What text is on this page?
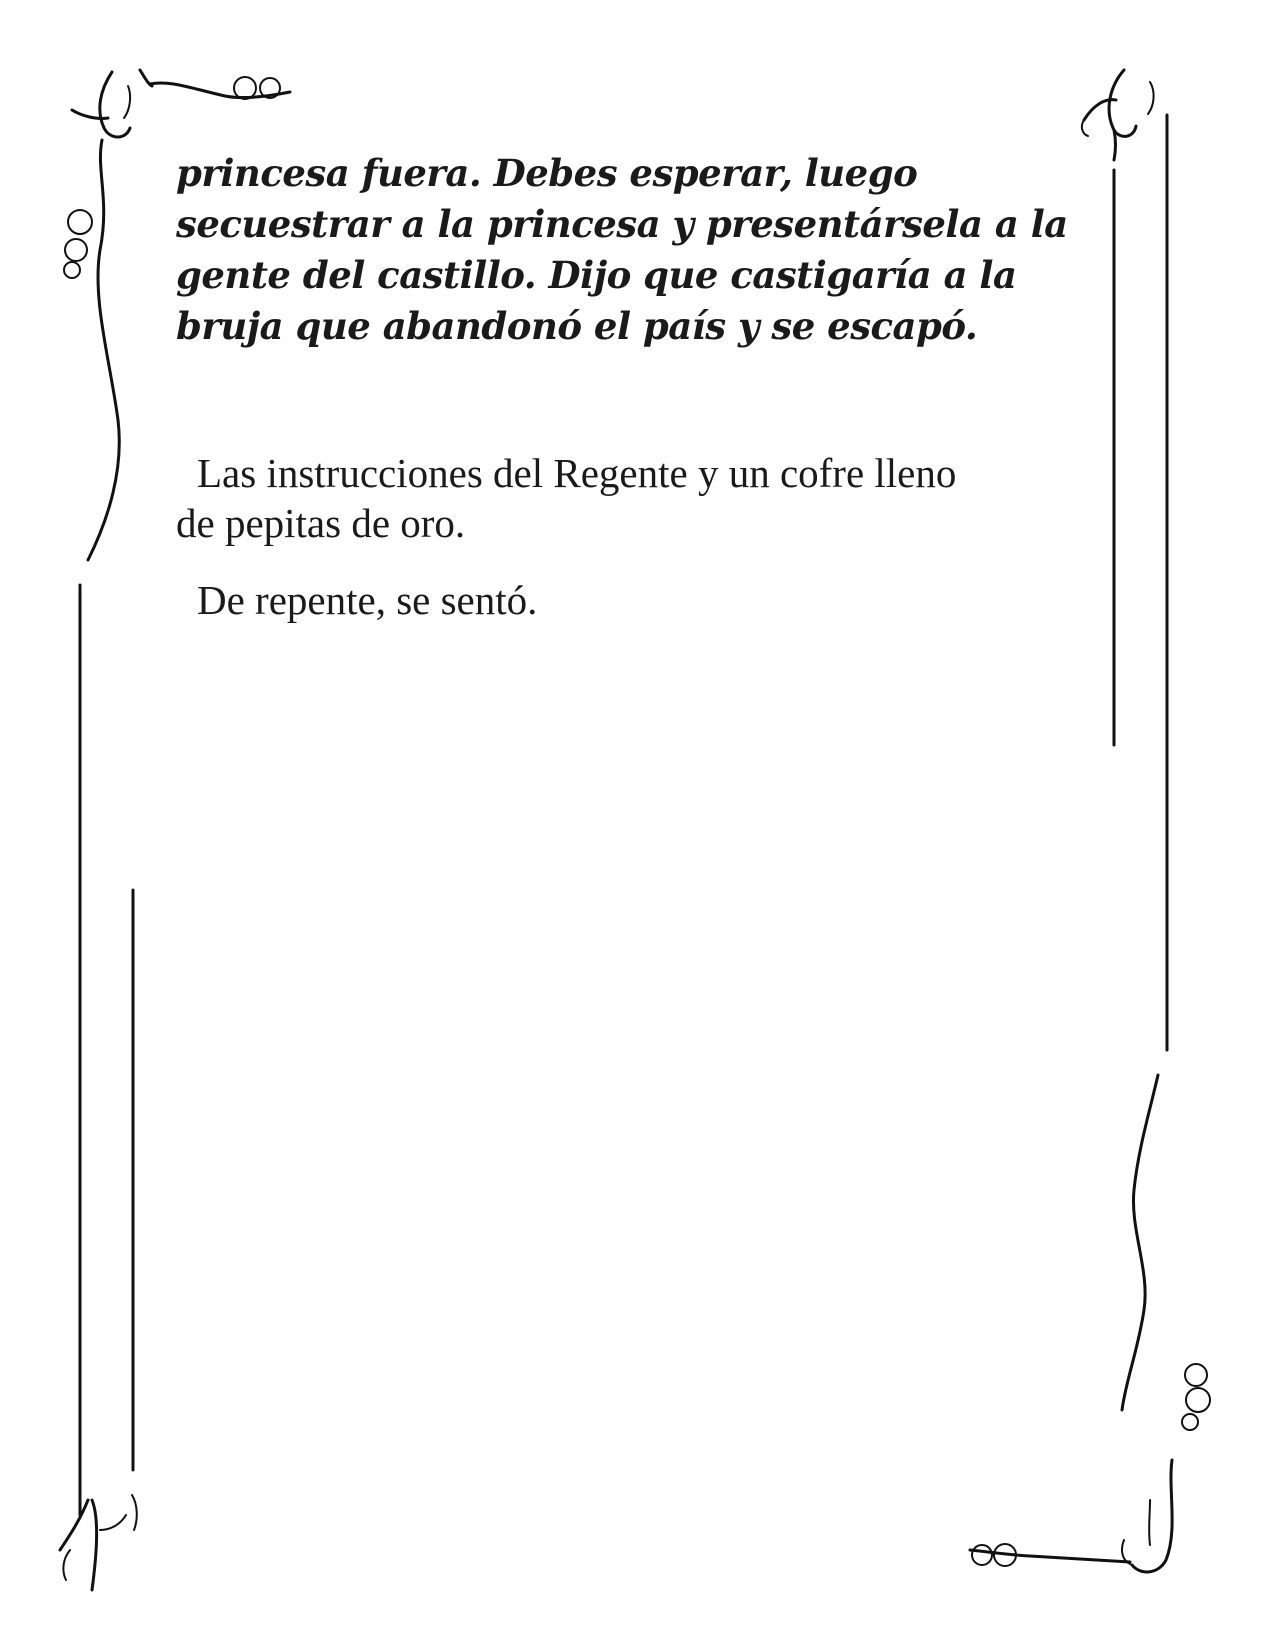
princesa fuera. Debes esperar, luego
secuestrar a la princesa y presentársela a la
gente del castillo. Dijo que castigaría a la
bruja que abandonó el país y se escapó.

Las instrucciones del Regente y un cofre lleno
de pepitas de oro.

De repente, se sentó.
